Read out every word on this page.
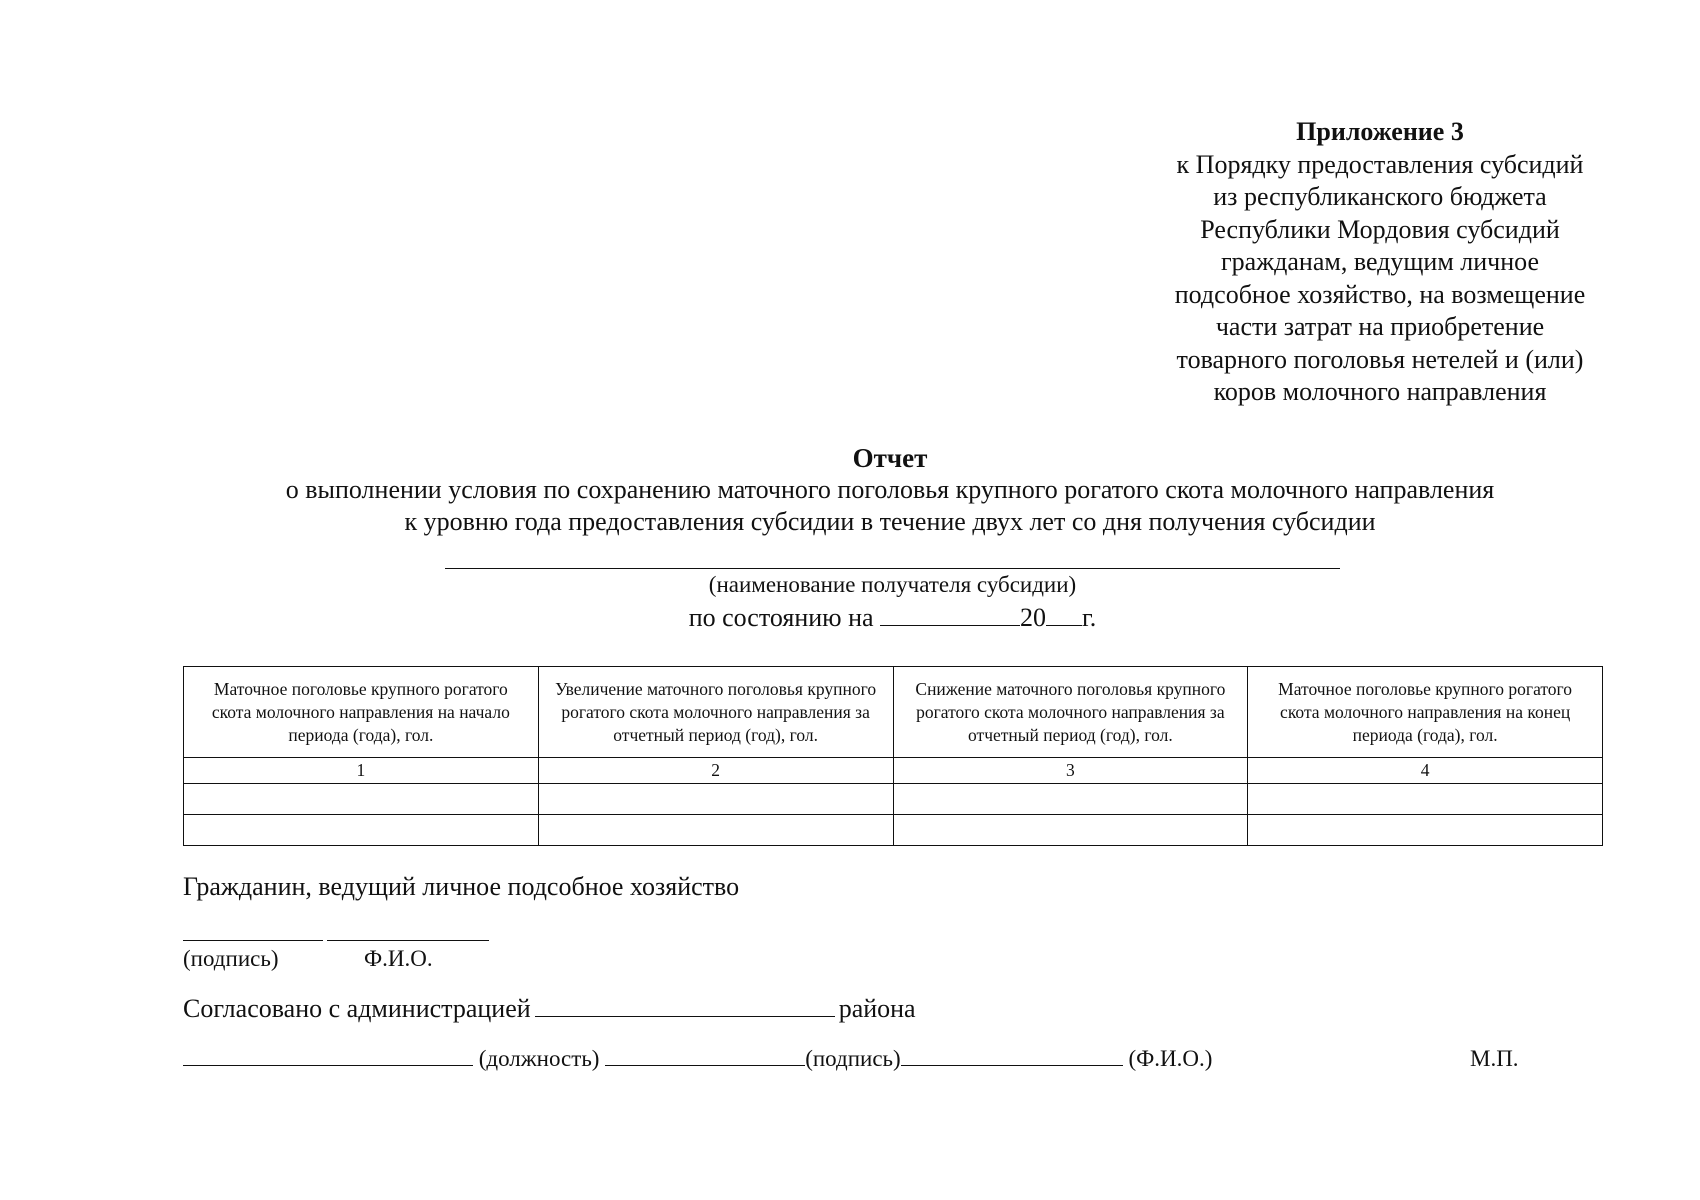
Приложение 3
к Порядку предоставления субсидий
из республиканского бюджета
Республики Мордовия субсидий
гражданам, ведущим личное
подсобное хозяйство, на возмещение
части затрат на приобретение
товарного поголовья нетелей и (или)
коров молочного направления
Отчет
о выполнении условия по сохранению маточного поголовья крупного рогатого скота молочного направления
к уровню года предоставления субсидии в течение двух лет со дня получения субсидии
(наименование получателя субсидии)
по состоянию на	20 г.
Маточное поголовье крупного рогатого скота молочного направления на начало периода (года), гол.	Увеличение маточного поголовья крупного рогатого скота молочного направления за отчетный период (год), гол.	Снижение маточного поголовья крупного рогатого скота молочного направления за отчетный период (год), гол.	Маточное поголовье крупного рогатого скота молочного направления на конец периода (года), гол.
1	2	3	4

Гражданин, ведущий личное подсобное хозяйство
(подпись)	Ф.И.О.
Согласовано с администрацией	района
(должность)	(подпись)	(Ф.И.О.)	М.П.
